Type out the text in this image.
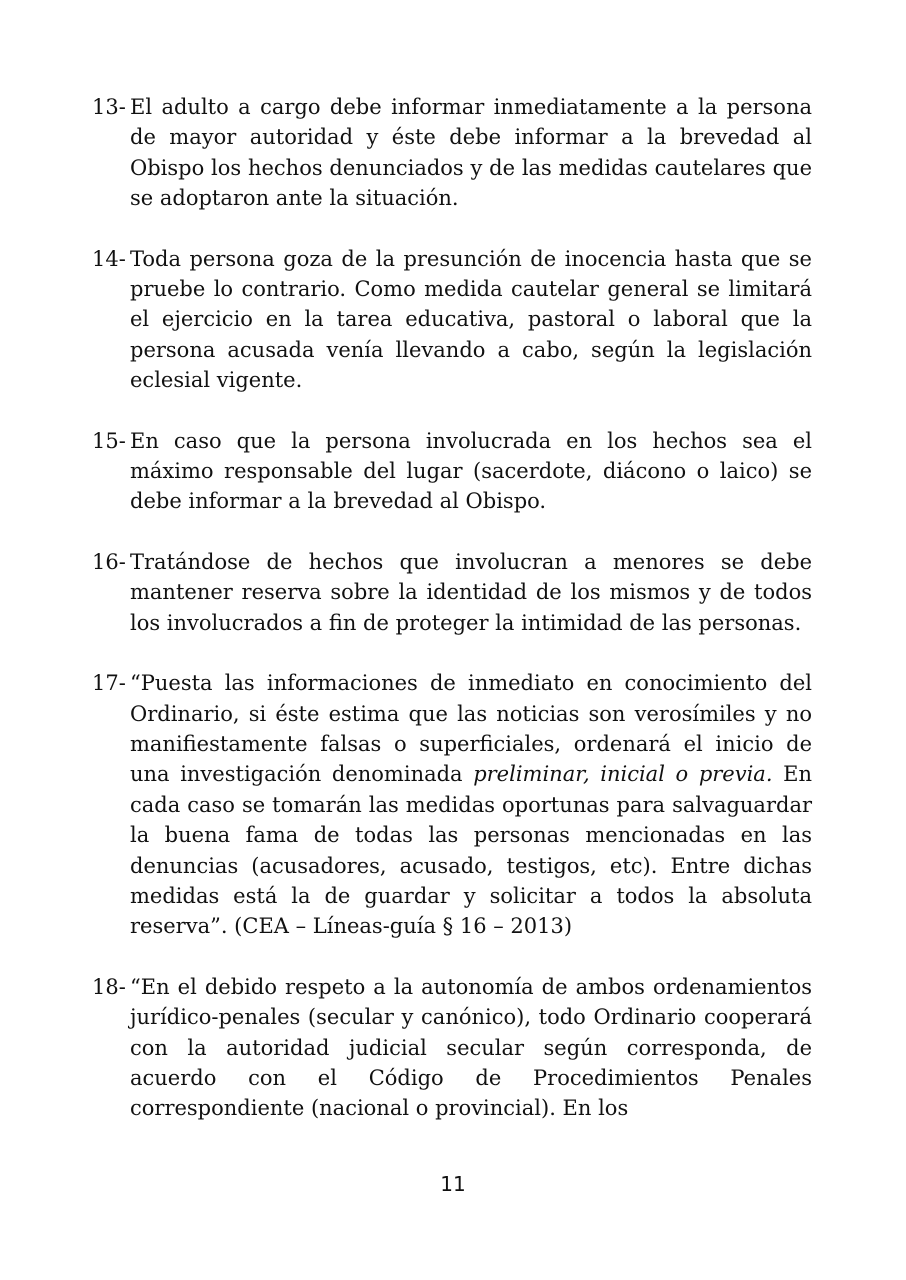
13- El adulto a cargo debe informar inmediatamente a la persona de mayor autoridad y éste debe informar a la brevedad al Obispo los hechos denunciados y de las medidas cautelares que se adoptaron ante la situación.
14- Toda persona goza de la presunción de inocencia hasta que se pruebe lo contrario. Como medida cautelar general se limitará el ejercicio en la tarea educativa, pastoral o laboral que la persona acusada venía llevando a cabo, según la legislación eclesial vigente.
15- En caso que la persona involucrada en los hechos sea el máximo responsable del lugar (sacerdote, diácono o laico) se debe informar a la brevedad al Obispo.
16- Tratándose de hechos que involucran a menores se debe mantener reserva sobre la identidad de los mismos y de todos los involucrados a fin de proteger la intimidad de las personas.
17- “Puesta las informaciones de inmediato en conocimiento del Ordinario, si éste estima que las noticias son verosímiles y no manifiestamente falsas o superficiales, ordenará el inicio de una investigación denominada preliminar, inicial o previa. En cada caso se tomarán las medidas oportunas para salvaguardar la buena fama de todas las personas mencionadas en las denuncias (acusadores, acusado, testigos, etc). Entre dichas medidas está la de guardar y solicitar a todos la absoluta reserva”. (CEA – Líneas-guía § 16 – 2013)
18- “En el debido respeto a la autonomía de ambos ordenamientos jurídico-penales (secular y canónico), todo Ordinario cooperará con la autoridad judicial secular según corresponda, de acuerdo con el Código de Procedimientos Penales correspondiente (nacional o provincial). En los
11
